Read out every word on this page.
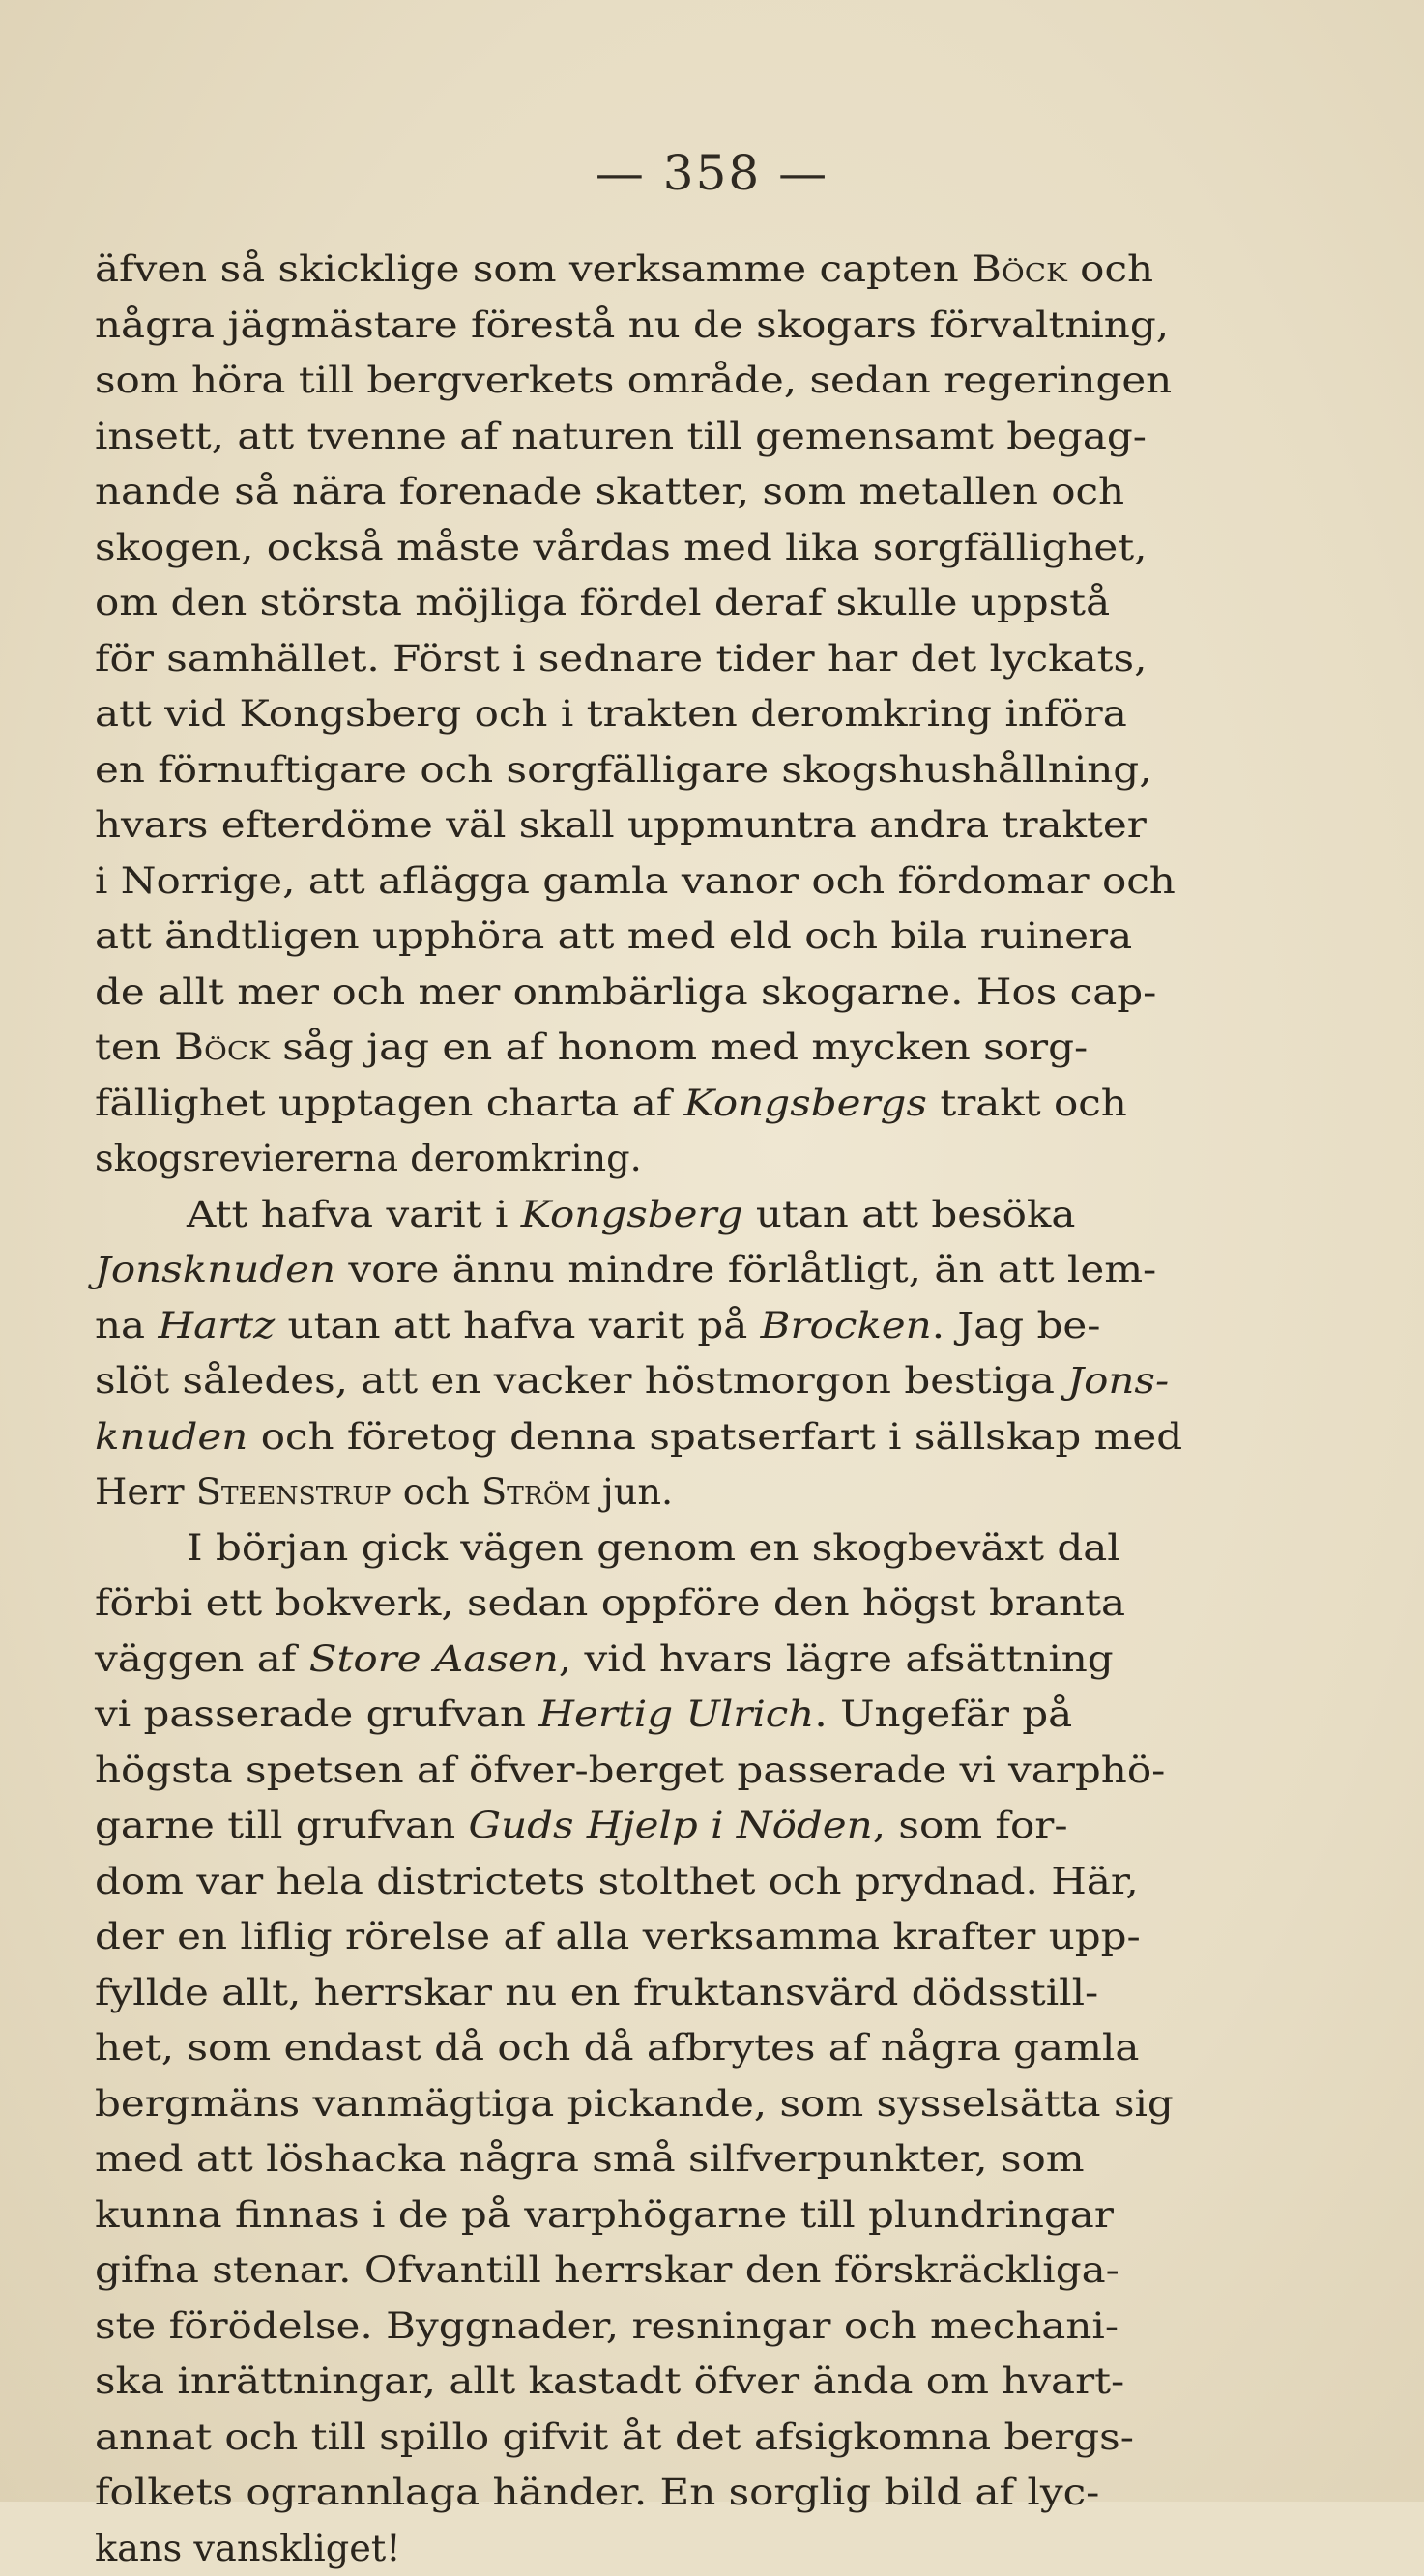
— 358 —
äfven så skicklige som verksamme capten Böck och
några jägmästare förestå nu de skogars förvaltning,
som höra till bergverkets område, sedan regeringen
insett, att tvenne af naturen till gemensamt begag-
nande så nära forenade skatter, som metallen och
skogen, också måste vårdas med lika sorgfällighet,
om den största möjliga fördel deraf skulle uppstå
för samhället. Först i sednare tider har det lyckats,
att vid Kongsberg och i trakten deromkring införa
en förnuftigare och sorgfälligare skogshushållning,
hvars efterdöme väl skall uppmuntra andra trakter
i Norrige, att aflägga gamla vanor och fördomar och
att ändtligen upphöra att med eld och bila ruinera
de allt mer och mer onmbärliga skogarne. Hos cap-
ten Böck såg jag en af honom med mycken sorg-
fällighet upptagen charta af Kongsbergs trakt och
skogsreviererna deromkring.
Att hafva varit i Kongsberg utan att besöka
Jonsknuden vore ännu mindre förlåtligt, än att lem-
na Hartz utan att hafva varit på Brocken. Jag be-
slöt således, att en vacker höstmorgon bestiga Jons-
knuden och företog denna spatserfart i sällskap med
Herr Steenstrup och Ström jun.
I början gick vägen genom en skogbeväxt dal
förbi ett bokverk, sedan oppföre den högst branta
väggen af Store Aasen, vid hvars lägre afsättning
vi passerade grufvan Hertig Ulrich. Ungefär på
högsta spetsen af öfver-berget passerade vi varphö-
garne till grufvan Guds Hjelp i Nöden, som for-
dom var hela districtets stolthet och prydnad. Här,
der en liflig rörelse af alla verksamma krafter upp-
fyllde allt, herrskar nu en fruktansvärd dödsstill-
het, som endast då och då afbrytes af några gamla
bergmäns vanmägtiga pickande, som sysselsätta sig
med att löshacka några små silfverpunkter, som
kunna finnas i de på varphögarne till plundringar
gifna stenar. Ofvantill herrskar den förskräckliga-
ste förödelse. Byggnader, resningar och mechani-
ska inrättningar, allt kastadt öfver ända om hvart-
annat och till spillo gifvit åt det afsigkomna bergs-
folkets ogrannlaga händer. En sorglig bild af lyc-
kans vanskliget!
